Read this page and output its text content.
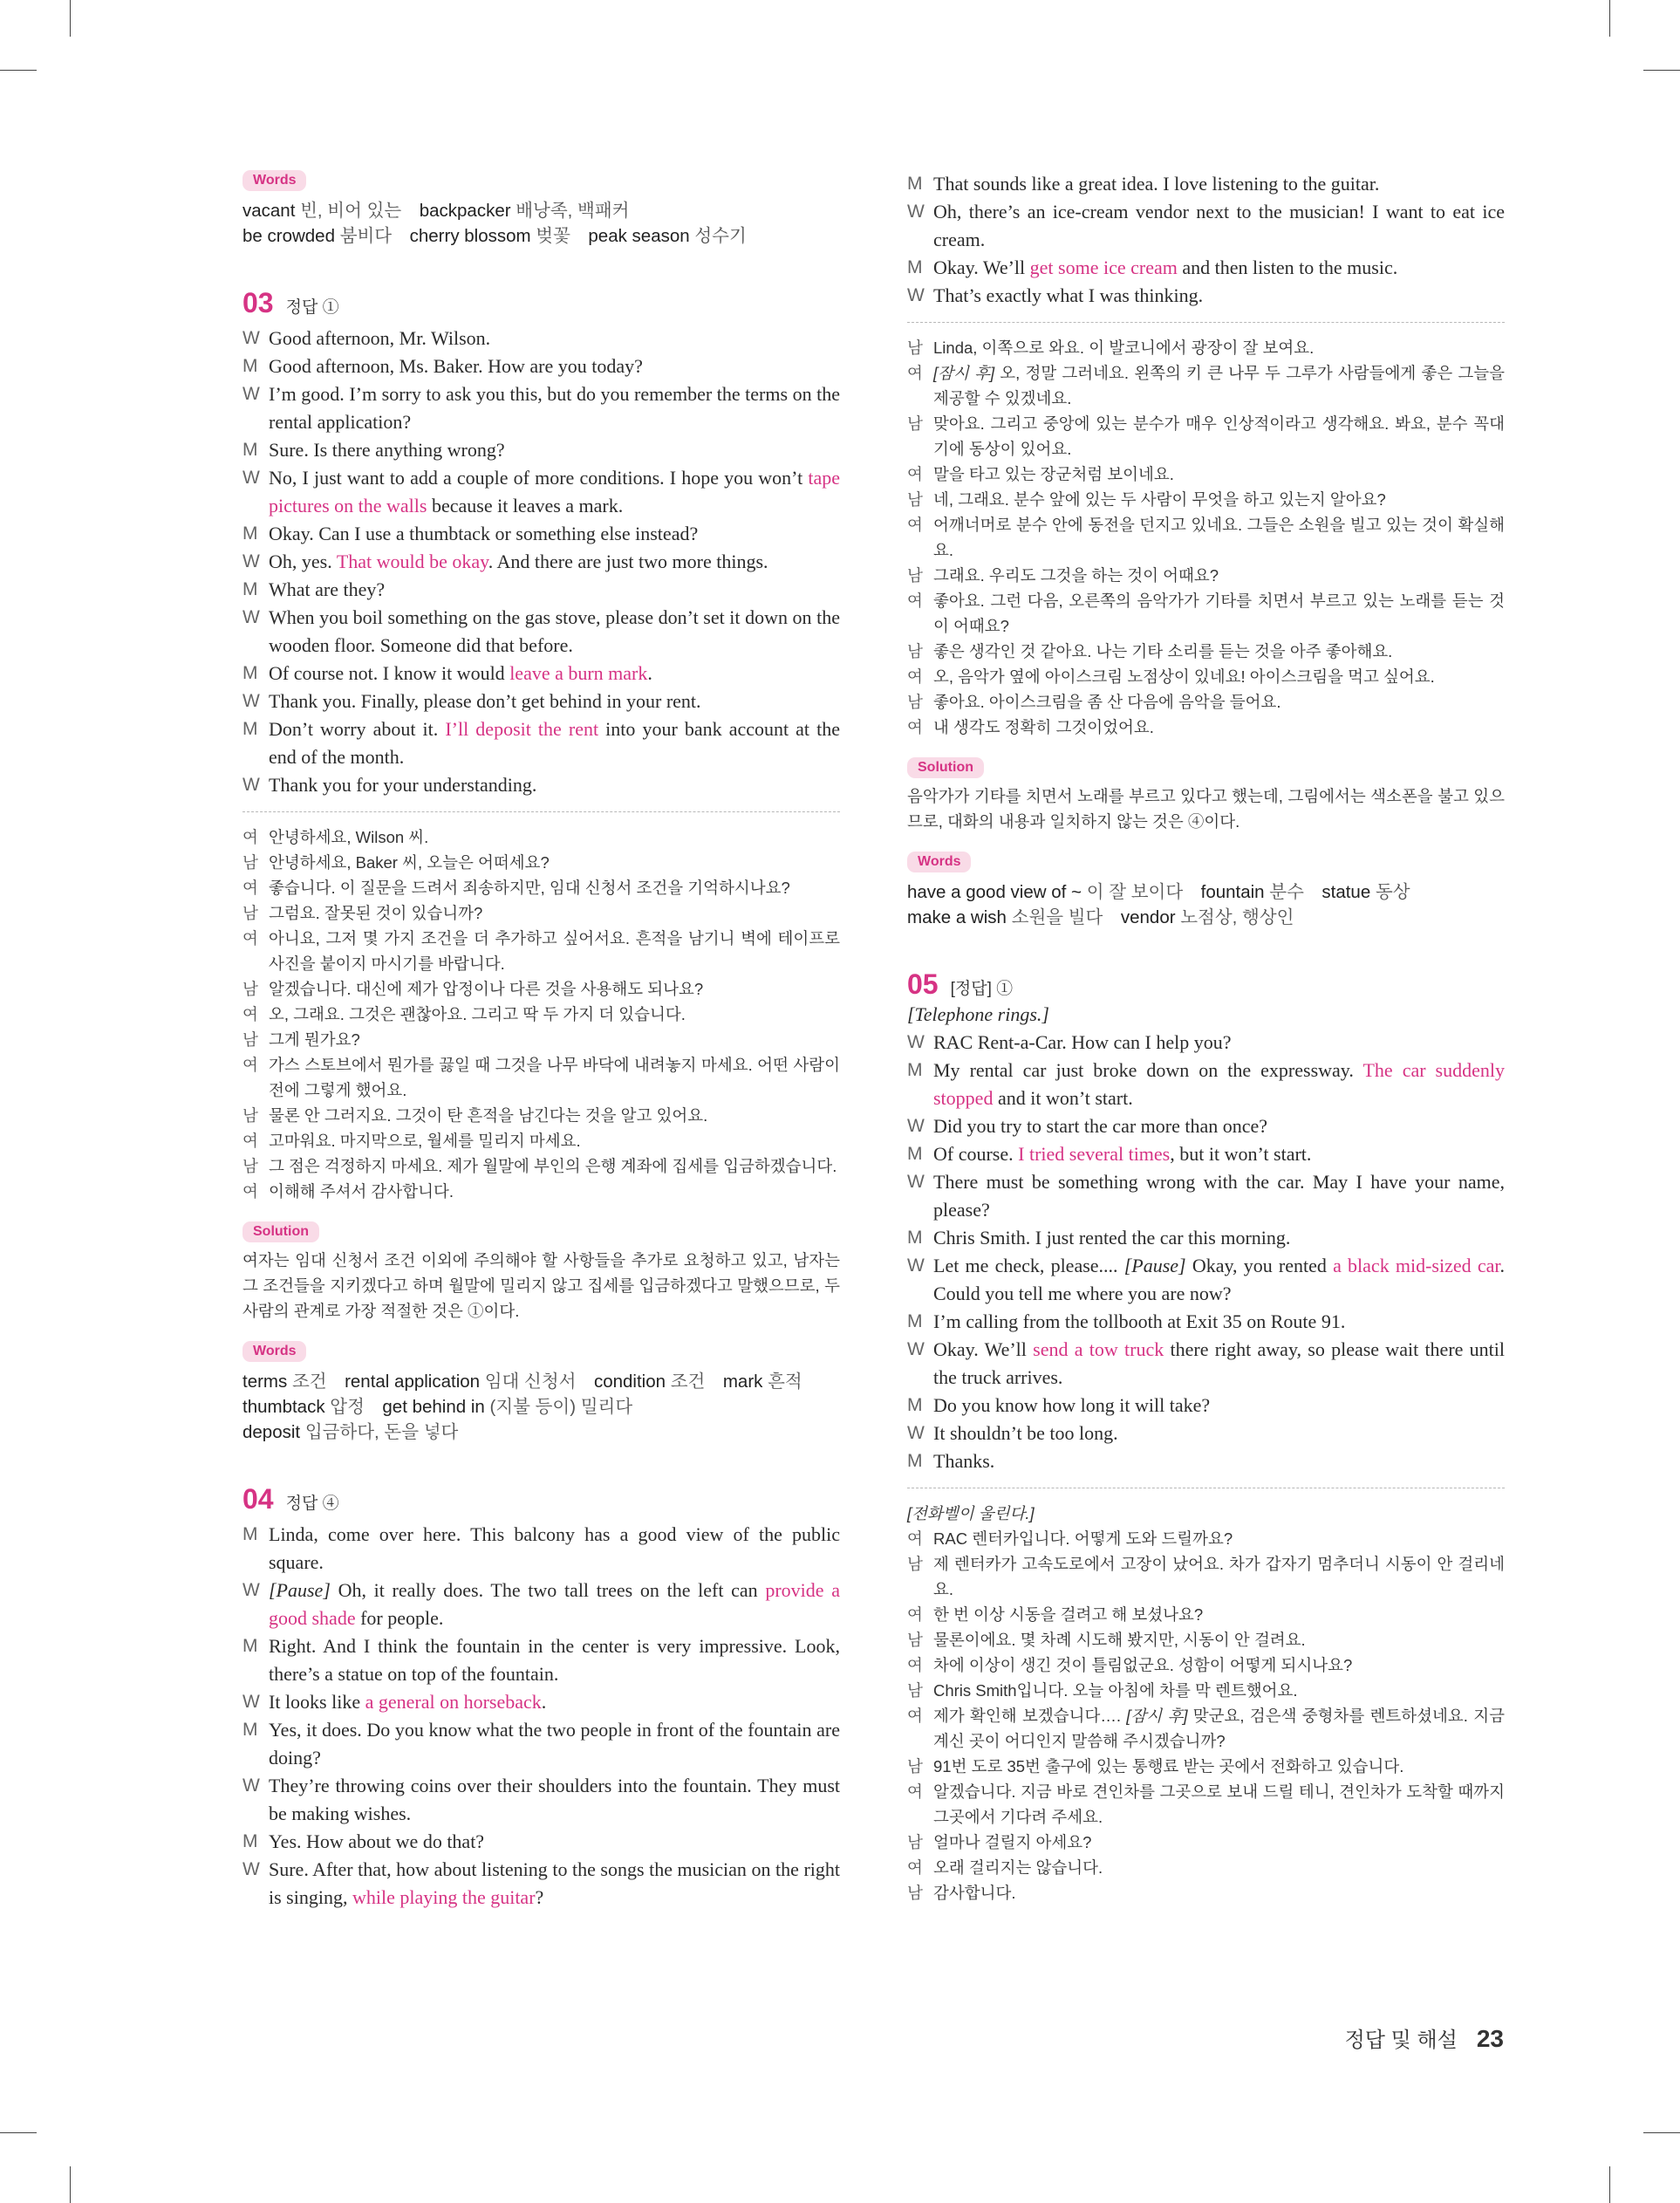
Words
vacant 빈, 비어 있는  backpacker 배낭족, 백패커
be crowded 붐비다  cherry blossom 벚꽃  peak season 성수기
03 정답 ①
W Good afternoon, Mr. Wilson.
M Good afternoon, Ms. Baker. How are you today?
W I’m good. I’m sorry to ask you this, but do you remember the terms on the rental application?
M Sure. Is there anything wrong?
W No, I just want to add a couple of more conditions. I hope you won’t tape pictures on the walls because it leaves a mark.
M Okay. Can I use a thumbtack or something else instead?
W Oh, yes. That would be okay. And there are just two more things.
M What are they?
W When you boil something on the gas stove, please don’t set it down on the wooden floor. Someone did that before.
M Of course not. I know it would leave a burn mark.
W Thank you. Finally, please don’t get behind in your rent.
M Don’t worry about it. I’ll deposit the rent into your bank account at the end of the month.
W Thank you for your understanding.
여 안녕하세요, Wilson 씨.
남 안녕하세요, Baker 씨, 오늘은 어떠세요?
여 좋습니다. 이 질문을 드려서 죄송하지만, 임대 신청서 조건을 기억하시나요?
남 그럼요. 잘못된 것이 있습니까?
여 아니요, 그저 몇 가지 조건을 더 추가하고 싶어서요. 흔적을 남기니 벽에 테이프로 사진을 붙이지 마시기를 바랍니다.
남 알겠습니다. 대신에 제가 압정이나 다른 것을 사용해도 되나요?
여 오, 그래요. 그것은 괜찮아요. 그리고 딱 두 가지 더 있습니다.
남 그게 뭔가요?
여 가스 스토브에서 뭔가를 끓일 때 그것을 나무 바닥에 내려놓지 마세요. 어떤 사람이 전에 그렇게 했어요.
남 물론 안 그러지요. 그것이 탄 흔적을 남긴다는 것을 알고 있어요.
여 고마워요. 마지막으로, 월세를 밀리지 마세요.
남 그 점은 걱정하지 마세요. 제가 월말에 부인의 은행 계좌에 집세를 입금하겠습니다.
여 이해해 주셔서 감사합니다.
Solution
여자는 임대 신청서 조건 이외에 주의해야 할 사항들을 추가로 요청하고 있고, 남자는 그 조건들을 지키겠다고 하며 월말에 밀리지 않고 집세를 입금하겠다고 말했으므로, 두 사람의 관계로 가장 적절한 것은 ①이다.
Words
terms 조건  rental application 임대 신청서  condition 조건  mark 흔적
thumbtack 압정  get behind in (지불 등이) 밀리다
deposit 입금하다, 돈을 넣다
04 정답 ④
M Linda, come over here. This balcony has a good view of the public square.
W [Pause] Oh, it really does. The two tall trees on the left can provide a good shade for people.
M Right. And I think the fountain in the center is very impressive. Look, there’s a statue on top of the fountain.
W It looks like a general on horseback.
M Yes, it does. Do you know what the two people in front of the fountain are doing?
W They’re throwing coins over their shoulders into the fountain. They must be making wishes.
M Yes. How about we do that?
W Sure. After that, how about listening to the songs the musician on the right is singing, while playing the guitar?
M That sounds like a great idea. I love listening to the guitar.
W Oh, there’s an ice-cream vendor next to the musician! I want to eat ice cream.
M Okay. We’ll get some ice cream and then listen to the music.
W That’s exactly what I was thinking.
남 Linda, 이쪽으로 와요. 이 발코니에서 광장이 잘 보여요.
여 [잠시 후] 오, 정말 그러네요. 왼쪽의 키 큰 나무 두 그루가 사람들에게 좋은 그늘을 제공할 수 있겠네요.
남 맞아요. 그리고 중앙에 있는 분수가 매우 인상적이라고 생각해요. 봐요, 분수 꼭대기에 동상이 있어요.
여 말을 타고 있는 장군처럼 보이네요.
남 네, 그래요. 분수 앞에 있는 두 사람이 무엇을 하고 있는지 알아요?
여 어깨너머로 분수 안에 동전을 던지고 있네요. 그들은 소원을 빌고 있는 것이 확실해요.
남 그래요. 우리도 그것을 하는 것이 어때요?
여 좋아요. 그런 다음, 오른쪽의 음악가가 기타를 치면서 부르고 있는 노래를 듣는 것이 어때요?
남 좋은 생각인 것 같아요. 나는 기타 소리를 듣는 것을 아주 좋아해요.
여 오, 음악가 옆에 아이스크림 노점상이 있네요! 아이스크림을 먹고 싶어요.
남 좋아요. 아이스크림을 좀 산 다음에 음악을 들어요.
여 내 생각도 정확히 그것이었어요.
Solution
음악가가 기타를 치면서 노래를 부르고 있다고 했는데, 그림에서는 색소폰을 불고 있으므로, 대화의 내용과 일치하지 않는 것은 ④이다.
Words
have a good view of ~ 이 잘 보이다  fountain 분수  statue 동상
make a wish 소원을 빌다  vendor 노점상, 행상인
05 [정답] ①
[Telephone rings.]
W RAC Rent-a-Car. How can I help you?
M My rental car just broke down on the expressway. The car suddenly stopped and it won’t start.
W Did you try to start the car more than once?
M Of course. I tried several times, but it won’t start.
W There must be something wrong with the car. May I have your name, please?
M Chris Smith. I just rented the car this morning.
W Let me check, please.... [Pause] Okay, you rented a black mid-sized car. Could you tell me where you are now?
M I’m calling from the tollbooth at Exit 35 on Route 91.
W Okay. We’ll send a tow truck there right away, so please wait there until the truck arrives.
M Do you know how long it will take?
W It shouldn’t be too long.
M Thanks.
[전화벨이 울린다.]
여 RAC 렌터카입니다. 어떻게 도와 드릴까요?
남 제 렌터카가 고속도로에서 고장이 났어요. 차가 갑자기 멈추더니 시동이 안 걸리네요.
여 한 번 이상 시동을 걸려고 해 보셨나요?
남 물론이에요. 몇 차례 시도해 봤지만, 시동이 안 걸려요.
여 차에 이상이 생긴 것이 틀림없군요. 성함이 어떻게 되시나요?
남 Chris Smith입니다. 오늘 아침에 차를 막 렌트했어요.
여 제가 확인해 보겠습니다…. [잠시 후] 맞군요, 검은색 중형차를 렌트하셨네요. 지금 계신 곳이 어디인지 말씀해 주시겠습니까?
남 91번 도로 35번 출구에 있는 통행료 받는 곳에서 전화하고 있습니다.
여 알겠습니다. 지금 바로 견인차를 그곳으로 보내 드릴 테니, 견인차가 도착할 때까지 그곳에서 기다려 주세요.
남 얼마나 걸릴지 아세요?
여 오래 걸리지는 않습니다.
남 감사합니다.
정답 및 해설 23
